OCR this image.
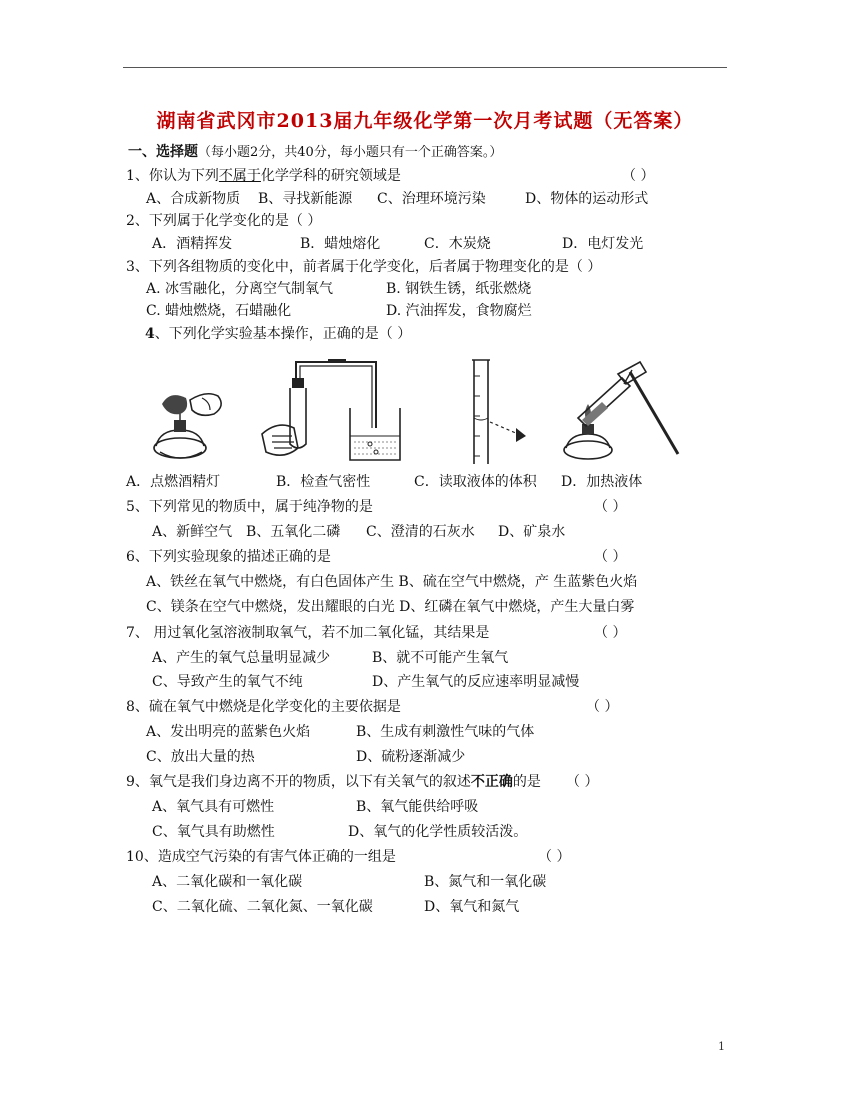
湖南省武冈市2013届九年级化学第一次月考试题（无答案）
一、选择题（每小题2分，共40分，每小题只有一个正确答案。）
1、你认为下列不属于化学学科的研究领域是	（ ）
A、合成新物质 B、寻找新能源 C、治理环境污染	D、物体的运动形式
2、下列属于化学变化的是（ ）
A．酒精挥发	B．蜡烛熔化	C．木炭烧	D．电灯发光
3、下列各组物质的变化中，前者属于化学变化，后者属于物理变化的是（ ）
A. 冰雪融化，分离空气制氧气	B. 钢铁生锈，纸张燃烧
C. 蜡烛燃烧，石蜡融化	D. 汽油挥发，食物腐烂
4、下列化学实验基本操作，正确的是（ ）
A．点燃酒精灯	B．检查气密性	C．读取液体的体积 D．加热液体
5、下列常见的物质中，属于纯净物的是	（ ）
A、新鲜空气 B、五氧化二磷 C、澄清的石灰水 D、矿泉水
6、下列实验现象的描述正确的是	（ ）
A、铁丝在氧气中燃烧，有白色固体产生 B、硫在空气中燃烧，产 生蓝紫色火焰
C、镁条在空气中燃烧，发出耀眼的白光 D、红磷在氧气中燃烧，产生大量白雾
7、 用过氧化氢溶液制取氧气，若不加二氧化锰，其结果是	（ ）
A、产生的氧气总量明显减少	B、就不可能产生氧气
C、导致产生的氧气不纯	D、产生氧气的反应速率明显减慢
8、硫在氧气中燃烧是化学变化的主要依据是	（ ）
A、发出明亮的蓝紫色火焰	B、生成有刺激性气味的气体
C、放出大量的热	D、硫粉逐渐减少
9、氧气是我们身边离不开的物质，以下有关氧气的叙述不正确的是 （ ）
A、氧气具有可燃性	B、氧气能供给呼吸
C、氧气具有助燃性	D、氧气的化学性质较活泼。
10、造成空气污染的有害气体正确的一组是	（ ）
A、二氧化碳和一氧化碳	B、氮气和一氧化碳
C、二氧化硫、二氧化氮、一氧化碳	D、氧气和氮气
1
